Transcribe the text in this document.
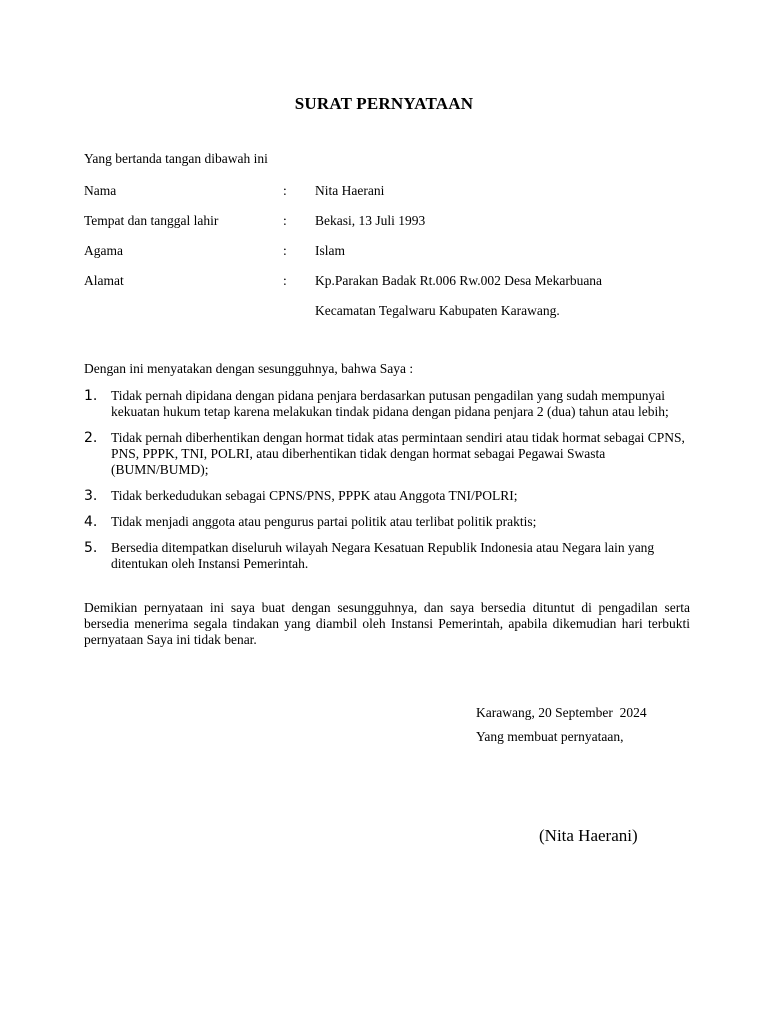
SURAT PERNYATAAN
Yang bertanda tangan dibawah ini
Nama	: Nita Haerani
Tempat dan tanggal lahir	: Bekasi, 13 Juli 1993
Agama	: Islam
Alamat	: Kp.Parakan Badak Rt.006 Rw.002 Desa Mekarbuana
Kecamatan Tegalwaru Kabupaten Karawang.
Dengan ini menyatakan dengan sesungguhnya, bahwa Saya :
1. Tidak pernah dipidana dengan pidana penjara berdasarkan putusan pengadilan yang sudah mempunyai kekuatan hukum tetap karena melakukan tindak pidana dengan pidana penjara 2 (dua) tahun atau lebih;
2. Tidak pernah diberhentikan dengan hormat tidak atas permintaan sendiri atau tidak hormat sebagai CPNS, PNS, PPPK, TNI, POLRI, atau diberhentikan tidak dengan hormat sebagai Pegawai Swasta (BUMN/BUMD);
3. Tidak berkedudukan sebagai CPNS/PNS, PPPK atau Anggota TNI/POLRI;
4. Tidak menjadi anggota atau pengurus partai politik atau terlibat politik praktis;
5. Bersedia ditempatkan diseluruh wilayah Negara Kesatuan Republik Indonesia atau Negara lain yang ditentukan oleh Instansi Pemerintah.
Demikian pernyataan ini saya buat dengan sesungguhnya, dan saya bersedia dituntut di pengadilan serta bersedia menerima segala tindakan yang diambil oleh Instansi Pemerintah, apabila dikemudian hari terbukti pernyataan Saya ini tidak benar.
Karawang, 20 September  2024
Yang membuat pernyataan,
(Nita Haerani)
